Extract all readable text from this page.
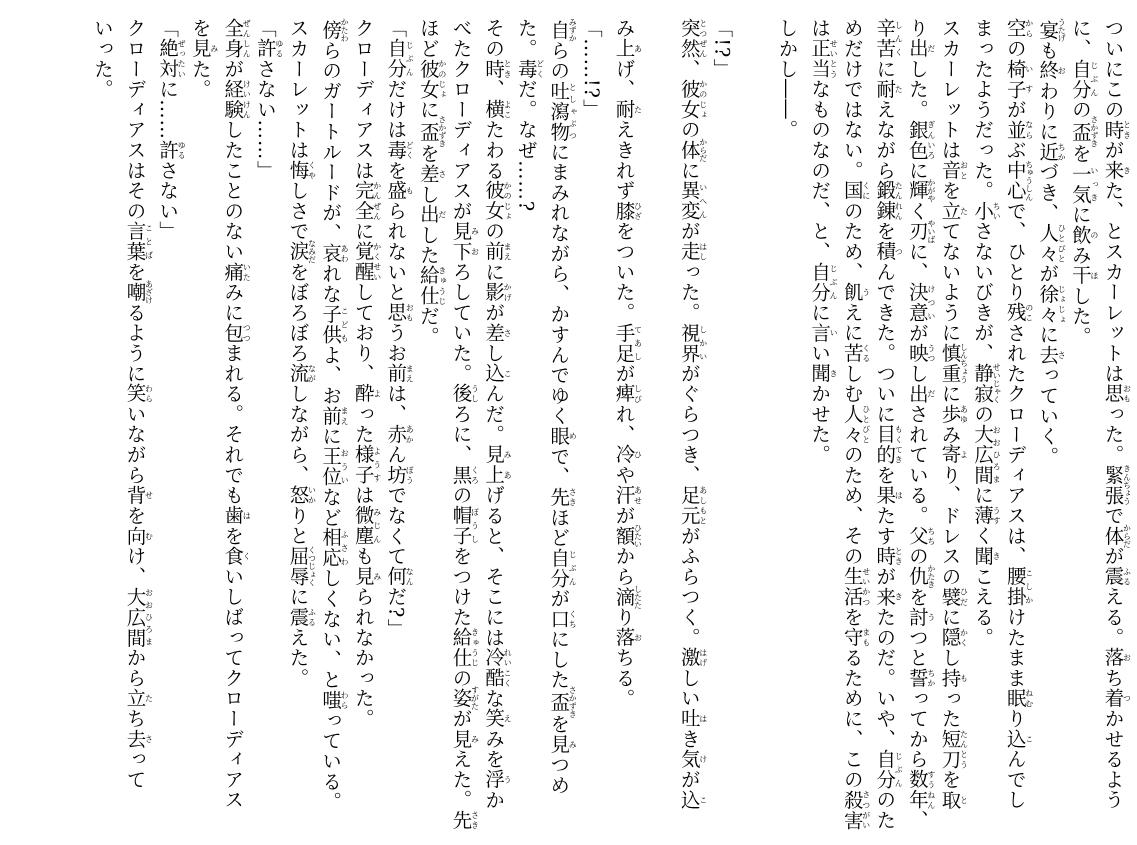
ついにこの時ときが来きた、とスカーレットは思おもった。緊張きんちょうで体からだが震ふるえる。落おち着つかせるよう
に、自分じぶんの盃さかずきを一気いっきに飲のみ干ほした。
宴うたげも終おわりに近ちかづき、人々ひとびとが徐々じょじょに去さっていく。
空からの椅子いすが並ならぶ中心ちゅうしんで、ひとり残のこされたクローディアスは、腰掛こしかけたまま眠ねむり込こんでし
まったようだった。小ちいさないびきが、静寂せいじゃくの大広間おおひろまに薄うすく聞きこえる。
スカーレットは音おとを立たてないように慎重しんちょうに歩あゆみ寄より、ドレスの襞ひだに隠かくし持もった短刀たんとうを取と
り出だした。銀色ぎんいろに輝かがやく刃やいばに、決意けついが映うつし出だされている。父ちちの仇かたきを討うつと誓ちかってから数年すうねん、
辛苦しんくに耐たえながら鍛錬たんれんを積つんできた。ついに目的もくてきを果はたす時ときが来きたのだ。いや、自分じぶんのた
めだけではない。国くにのため、飢うえに苦くるしむ人々ひとびとのため、その生活せいかつを守まもるために、この殺害さつがい
は正当せいとうなものなのだ、と、自分じぶんに言いい聞きかせた。
しかし――。
「!?」
突然とつぜん、彼女かのじょの体からだに異変いへんが走はしった。視界しかいがぐらつき、足元あしもとがふらつく。激はげしい吐はき気けが込こ
み上あげ、耐たえきれず膝ひざをついた。手足てあしが痺しびれ、冷ひや汗あせが額ひたいから滴したたり落おちる。
「……!?」
自みずからの吐瀉物としゃぶつにまみれながら、かすんでゆく眼めで、先さきほど自分じぶんが口くちにした盃さかずきを見みつめ
た。毒どくだ。なぜ……?
その時とき、横よこたわる彼女かのじょの前まえに影かげが差さし込こんだ。見上みあげると、そこには冷酷れいこくな笑えみを浮うか
べたクローディアスが見下みおろしていた。後うしろに、黒くろの帽子ぼうしをつけた給仕きゅうじの姿すがたが見みえた。先さき
ほど彼女かのじょに盃さかずきを差さし出だした給仕きゅうじだ。
「自分じぶんだけは毒どくを盛もられないと思おもうお前まえは、赤あかん坊ぼうでなくて何なんだ?」
クローディアスは完全かんぜんに覚醒かくせいしており、酔よった様子ようすは微塵みじんも見みられなかった。
傍かたわらのガートルードが、哀あわれな子供こどもよ、お前まえに王位おういなど相応ふさわしくない、と嗤わらっている。
スカーレットは悔くやしさで涙なみだをぼろぼろ流ながしながら、怒いかりと屈辱くつじょくに震ふるえた。
「許ゆるさない……」
全身ぜんしんが経験けいけんしたことのない痛いたみに包つつまれる。それでも歯はを食くいしばってクローディアス
を見みた。
「絶対ぜったいに……許ゆるさない」
クローディアスはその言葉ことばを嘲あざけるように笑わらいながら背せを向むけ、大広間おおひろまから立たち去さって
いった。
